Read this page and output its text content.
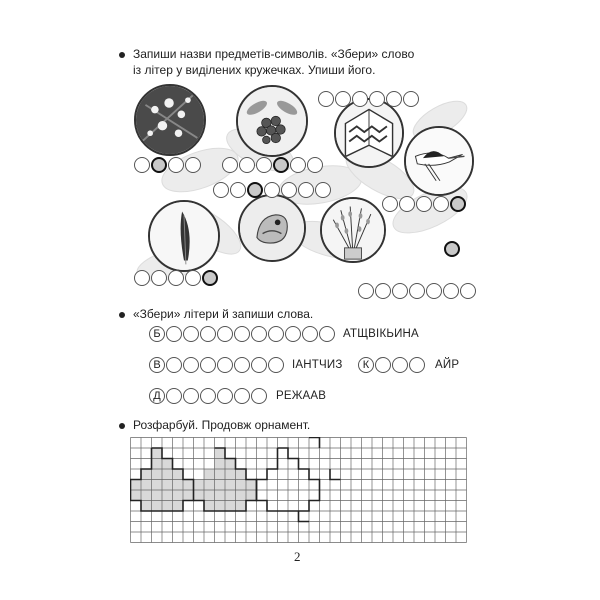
Запиши назви предметів-символів. «Збери» слово
із літер у виділених кружечках. Упиши його.
«Збери» літери й запиши слова.
Б	АТЩВІКЬИНА
В	ІАНТЧИЗ	К	АЙР
Д	РЕЖААВ
Розфарбуй. Продовж орнамент.
2
